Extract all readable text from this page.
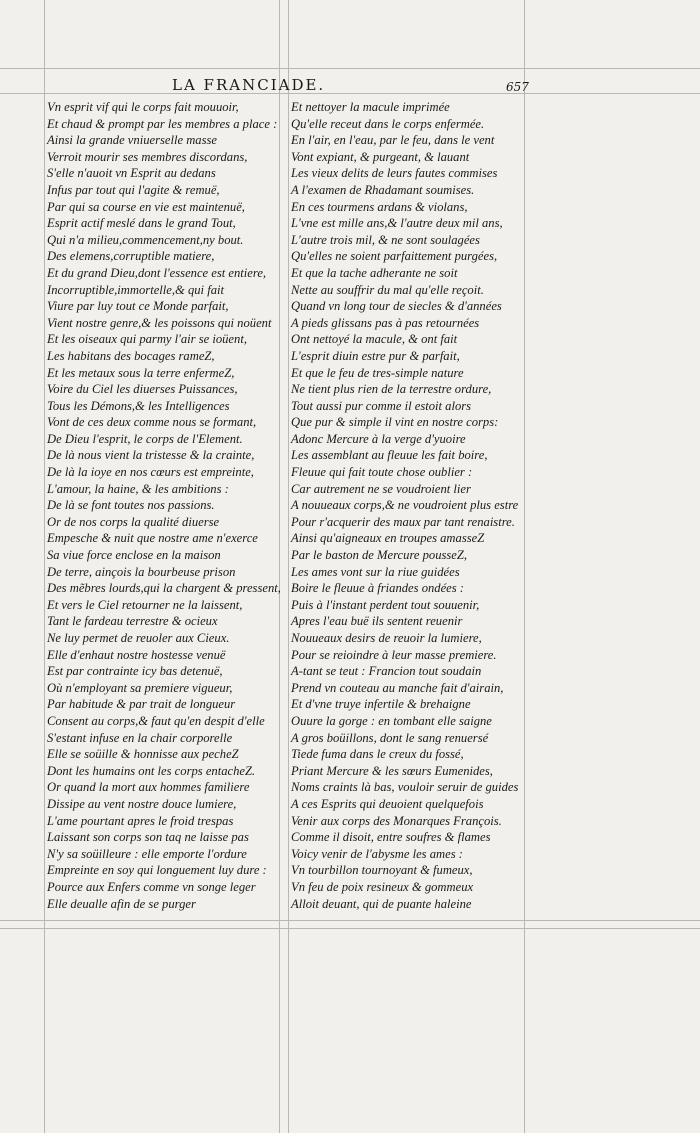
LA FRANCIADE.	657
Vn esprit vif qui le corps fait mouuoir,
Et chaud & prompt par les membres a place :
Ainsi la grande vniuerselle masse
Verroit mourir ses membres discordans,
S'elle n'auoit vn Esprit au dedans
Infus par tout qui l'agite & remuë,
Par qui sa course en vie est maintenuë,
Esprit actif meslé dans le grand Tout,
Qui n'a milieu,commencement,ny bout.
Des elemens,corruptible matiere,
Et du grand Dieu,dont l'essence est entiere,
Incorruptible,immortelle,& qui fait
Viure par luy tout ce Monde parfait,
Vient nostre genre,& les poissons qui noüent
Et les oiseaux qui parmy l'air se ioüent,
Les habitans des bocages rameZ,
Et les metaux sous la terre enfermeZ,
Voire du Ciel les diuerses Puissances,
Tous les Démons,& les Intelligences
Vont de ces deux comme nous se formant,
De Dieu l'esprit, le corps de l'Element.
De là nous vient la tristesse & la crainte,
De là la ioye en nos cœurs est empreinte,
L'amour, la haine, & les ambitions :
De là se font toutes nos passions.
Or de nos corps la qualité diuerse
Empesche & nuit que nostre ame n'exerce
Sa viue force enclose en la maison
De terre, ainçois la bourbeuse prison
Des mẽbres lourds,qui la chargent & pressent,
Et vers le Ciel retourner ne la laissent,
Tant le fardeau terrestre & ocieux
Ne luy permet de reuoler aux Cieux.
Elle d'enhaut nostre hostesse venuë
Est par contrainte icy bas detenuë,
Où n'employant sa premiere vigueur,
Par habitude & par trait de longueur
Consent au corps,& faut qu'en despit d'elle
S'estant infuse en la chair corporelle
Elle se soüille & honnisse aux pecheZ
Dont les humains ont les corps entacheZ.
Or quand la mort aux hommes familiere
Dissipe au vent nostre douce lumiere,
L'ame pourtant apres le froid trespas
Laissant son corps son taq ne laisse pas
N'y sa soüilleure : elle emporte l'ordure
Empreinte en soy qui longuement luy dure :
Pource aux Enfers comme vn songe leger
Elle deualle afin de se purger
Et nettoyer la macule imprimée
Qu'elle receut dans le corps enfermée.
En l'air, en l'eau, par le feu, dans le vent
Vont expiant, & purgeant, & lauant
Les vieux delits de leurs fautes commises
A l'examen de Rhadamant soumises.
En ces tourmens ardans & violans,
L'vne est mille ans,& l'autre deux mil ans,
L'autre trois mil, & ne sont soulagées
Qu'elles ne soient parfaittement purgées,
Et que la tache adherante ne soit
Nette au souffrir du mal qu'elle reçoit.
Quand vn long tour de siecles & d'années
A pieds glissans pas à pas retournées
Ont nettoyé la macule, & ont fait
L'esprit diuin estre pur & parfait,
Et que le feu de tres-simple nature
Ne tient plus rien de la terrestre ordure,
Tout aussi pur comme il estoit alors
Que pur & simple il vint en nostre corps:
Adonc Mercure à la verge d'yuoire
Les assemblant au fleuue les fait boire,
Fleuue qui fait toute chose oublier :
Car autrement ne se voudroient lier
A nouueaux corps,& ne voudroient plus estre
Pour r'acquerir des maux par tant renaistre.
Ainsi qu'aigneaux en troupes amasseZ
Par le baston de Mercure pousseZ,
Les ames vont sur la riue guidées
Boire le fleuue à friandes ondées :
Puis à l'instant perdent tout souuenir,
Apres l'eau buë ils sentent reuenir
Nouueaux desirs de reuoir la lumiere,
Pour se reioindre à leur masse premiere.
A-tant se teut : Francion tout soudain
Prend vn couteau au manche fait d'airain,
Et d'vne truye infertile & brehaigne
Ouure la gorge : en tombant elle saigne
A gros boüillons, dont le sang renuersé
Tiede fuma dans le creux du fossé,
Priant Mercure & les sœurs Eumenides,
Noms craints là bas, vouloir seruir de guides
A ces Esprits qui deuoient quelquefois
Venir aux corps des Monarques François.
Comme il disoit, entre soufres & flames
Voicy venir de l'abysme les ames :
Vn tourbillon tournoyant & fumeux,
Vn feu de poix resineux & gommeux
Alloit deuant, qui de puante haleine
